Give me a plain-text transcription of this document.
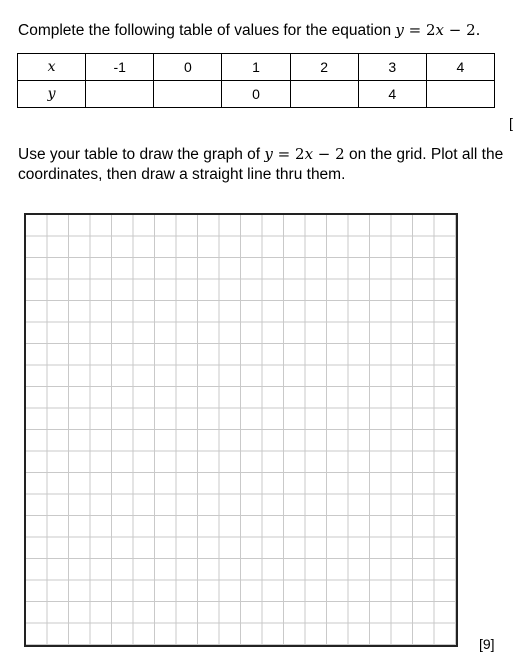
Complete the following table of values for the equation y = 2x − 2.
x	-1	0	1	2	3	4
y			0		4	
[
Use your table to draw the graph of y = 2x − 2 on the grid. Plot all the
coordinates, then draw a straight line thru them.
[9]
